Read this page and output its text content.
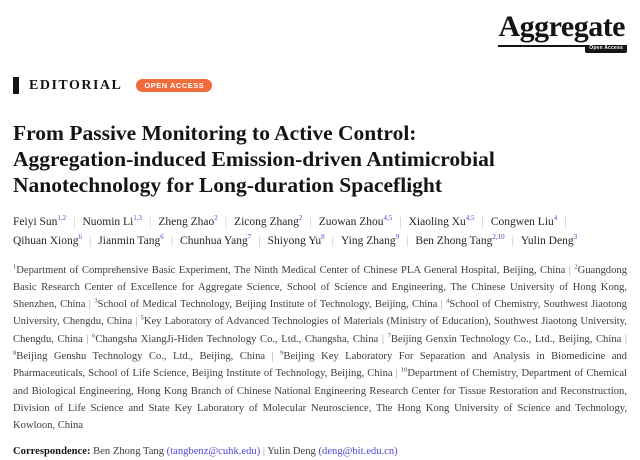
Aggregate
Open Access
EDITORIAL	OPEN ACCESS
From Passive Monitoring to Active Control:
Aggregation-induced Emission-driven Antimicrobial
Nanotechnology for Long-duration Spaceflight
Feiyi Sun$^{1,2}$ | Nuomin Li$^{1,3}$ | Zheng Zhao$^2$ | Zicong Zhang$^2$ | Zuowan Zhou$^{4,5}$ | Xiaoling Xu$^{4,5}$ | Congwen Liu$^4$ |Qihuan Xiong$^6$ | Jianmin Tang$^6$ | Chunhua Yang$^7$ | Shiyong Yu$^8$ | Ying Zhang$^9$ | Ben Zhong Tang$^{2,10}$ | Yulin Deng$^3$

$^1$Department of Comprehensive Basic Experiment, The Ninth Medical Center of Chinese PLA General Hospital, Beijing, China | $^2$Guangdong Basic Research Center of Excellence for Aggregate Science, School of Science and Engineering, The Chinese University of Hong Kong, Shenzhen, China | $^3$School of Medical Technology, Beijing Institute of Technology, Beijing, China | $^4$School of Chemistry, Southwest Jiaotong University, Chengdu, China | $^5$Key Laboratory of Advanced Technologies of Materials (Ministry of Education), Southwest Jiaotong University, Chengdu, China | $^6$Changsha XiangJi-Hiden Technology Co., Ltd., Changsha, China | $^7$Beijing Genxin Technology Co., Ltd., Beijing, China | $^8$Beijing Genshu Technology Co., Ltd., Beijing, China | $^9$Beijing Key Laboratory For Separation and Analysis in Biomedicine and Pharmaceuticals, School of Life Science, Beijing Institute of Technology, Beijing, China | $^{10}$Department of Chemistry, Department of Chemical and Biological Engineering, Hong Kong Branch of Chinese National Engineering Research Center for Tissue Restoration and Reconstruction, Division of Life Science and State Key Laboratory of Molecular Neuroscience, The Hong Kong University of Science and Technology, Kowloon, China

Correspondence: Ben Zhong Tang (tangbenz@cuhk.edu) | Yulin Deng (deng@bit.edu.cn)
